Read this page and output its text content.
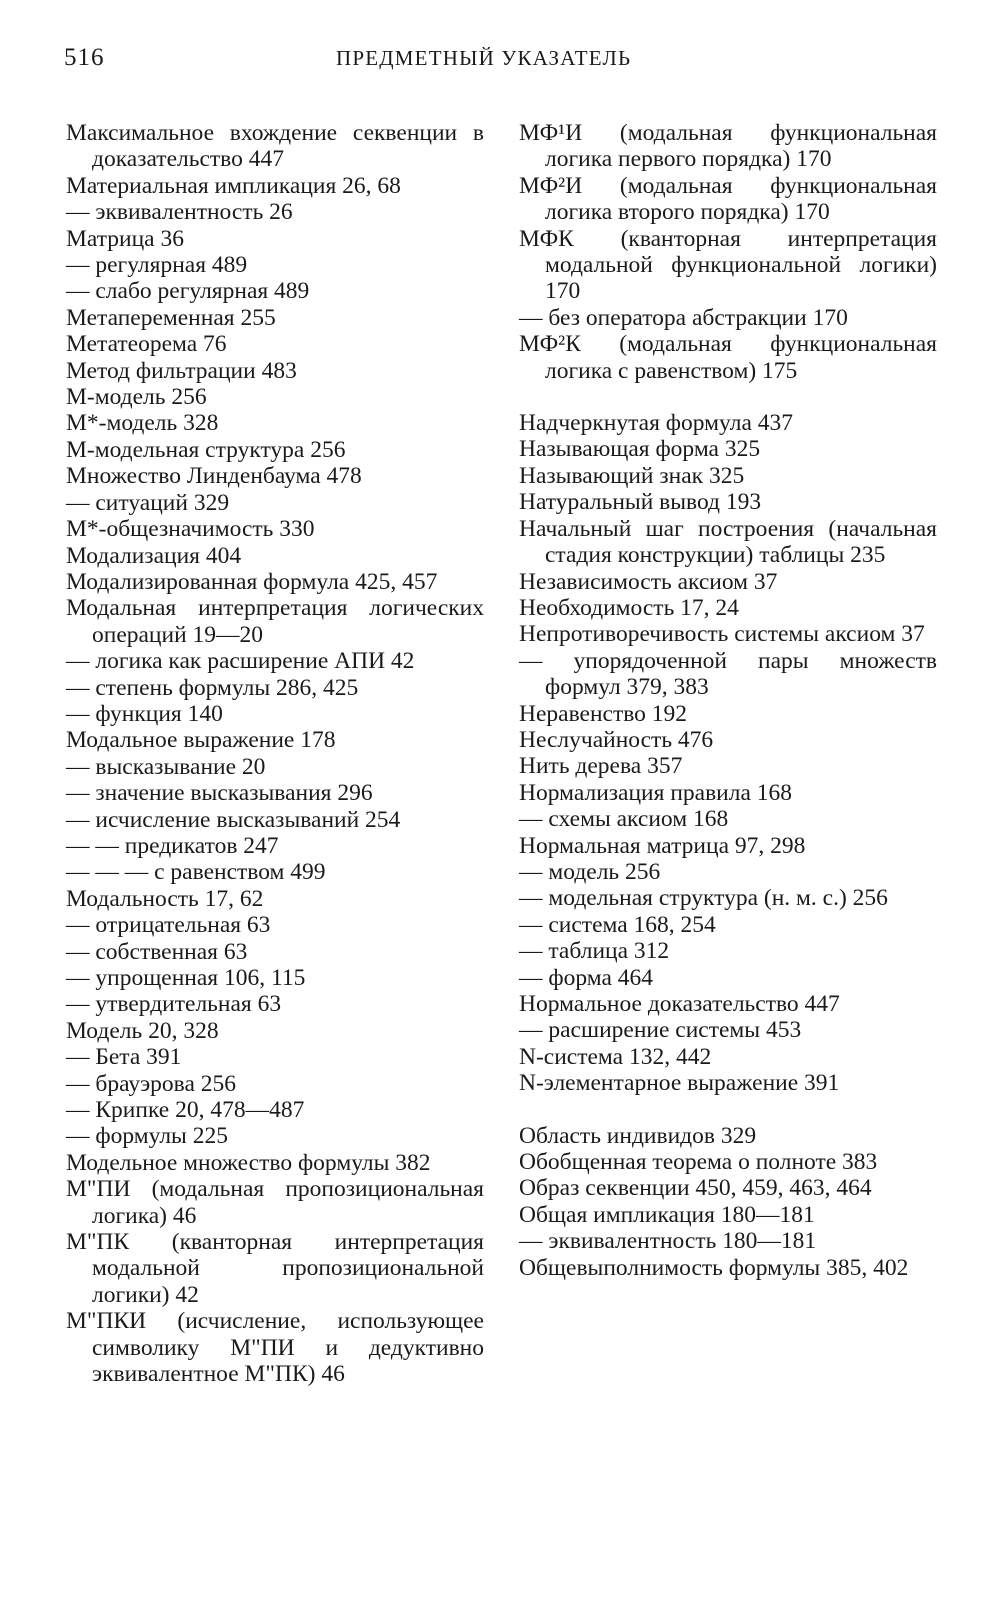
516	ПРЕДМЕТНЫЙ УКАЗАТЕЛЬ

Максимальное вхождение секвенции в доказательство 447

Материальная импликация 26, 68

— эквивалентность 26

Матрица 36

— регулярная 489

— слабо регулярная 489

Метапеременная 255

Метатеорема 76

Метод фильтрации 483

M-модель 256

M*-модель 328

M-модельная структура 256

Множество Линденбаума 478

— ситуаций 329

M*-общезначимость 330

Модализация 404

Модализированная формула 425, 457

Модальная интерпретация логических операций 19—20

— логика как расширение АПИ 42

— степень формулы 286, 425

— функция 140

Модальное выражение 178

— высказывание 20

— значение высказывания 296

— исчисление высказываний 254

— — предикатов 247

— — — с равенством 499

Модальность 17, 62

— отрицательная 63

— собственная 63

— упрощенная 106, 115

— утвердительная 63

Модель 20, 328

— Бета 391

— брауэрова 256

— Крипке 20, 478—487

— формулы 225

Модельное множество формулы 382

М"ПИ (модальная пропозициональная логика) 46

М"ПК (кванторная интерпретация модальной пропозициональной логики) 42

М"ПКИ (исчисление, использующее символику М"ПИ и дедуктивно эквивалентное М"ПК) 46

МФ¹И (модальная функциональная логика первого порядка) 170

МФ²И (модальная функциональная логика второго порядка) 170

МФК (кванторная интерпретация модальной функциональной логики) 170

— без оператора абстракции 170

МФ²К (модальная функциональная логика с равенством) 175

Надчеркнутая формула 437

Называющая форма 325

Называющий знак 325

Натуральный вывод 193

Начальный шаг построения (начальная стадия конструкции) таблицы 235

Независимость аксиом 37

Необходимость 17, 24

Непротиворечивость системы аксиом 37

— упорядоченной пары множеств формул 379, 383

Неравенство 192

Неслучайность 476

Нить дерева 357

Нормализация правила 168

— схемы аксиом 168

Нормальная матрица 97, 298

— модель 256

— модельная структура (н. м. с.) 256

— система 168, 254

— таблица 312

— форма 464

Нормальное доказательство 447

— расширение системы 453

N-система 132, 442

N-элементарное выражение 391

Область индивидов 329

Обобщенная теорема о полноте 383

Образ секвенции 450, 459, 463, 464

Общая импликация 180—181

— эквивалентность 180—181

Общевыполнимость формулы 385, 402
